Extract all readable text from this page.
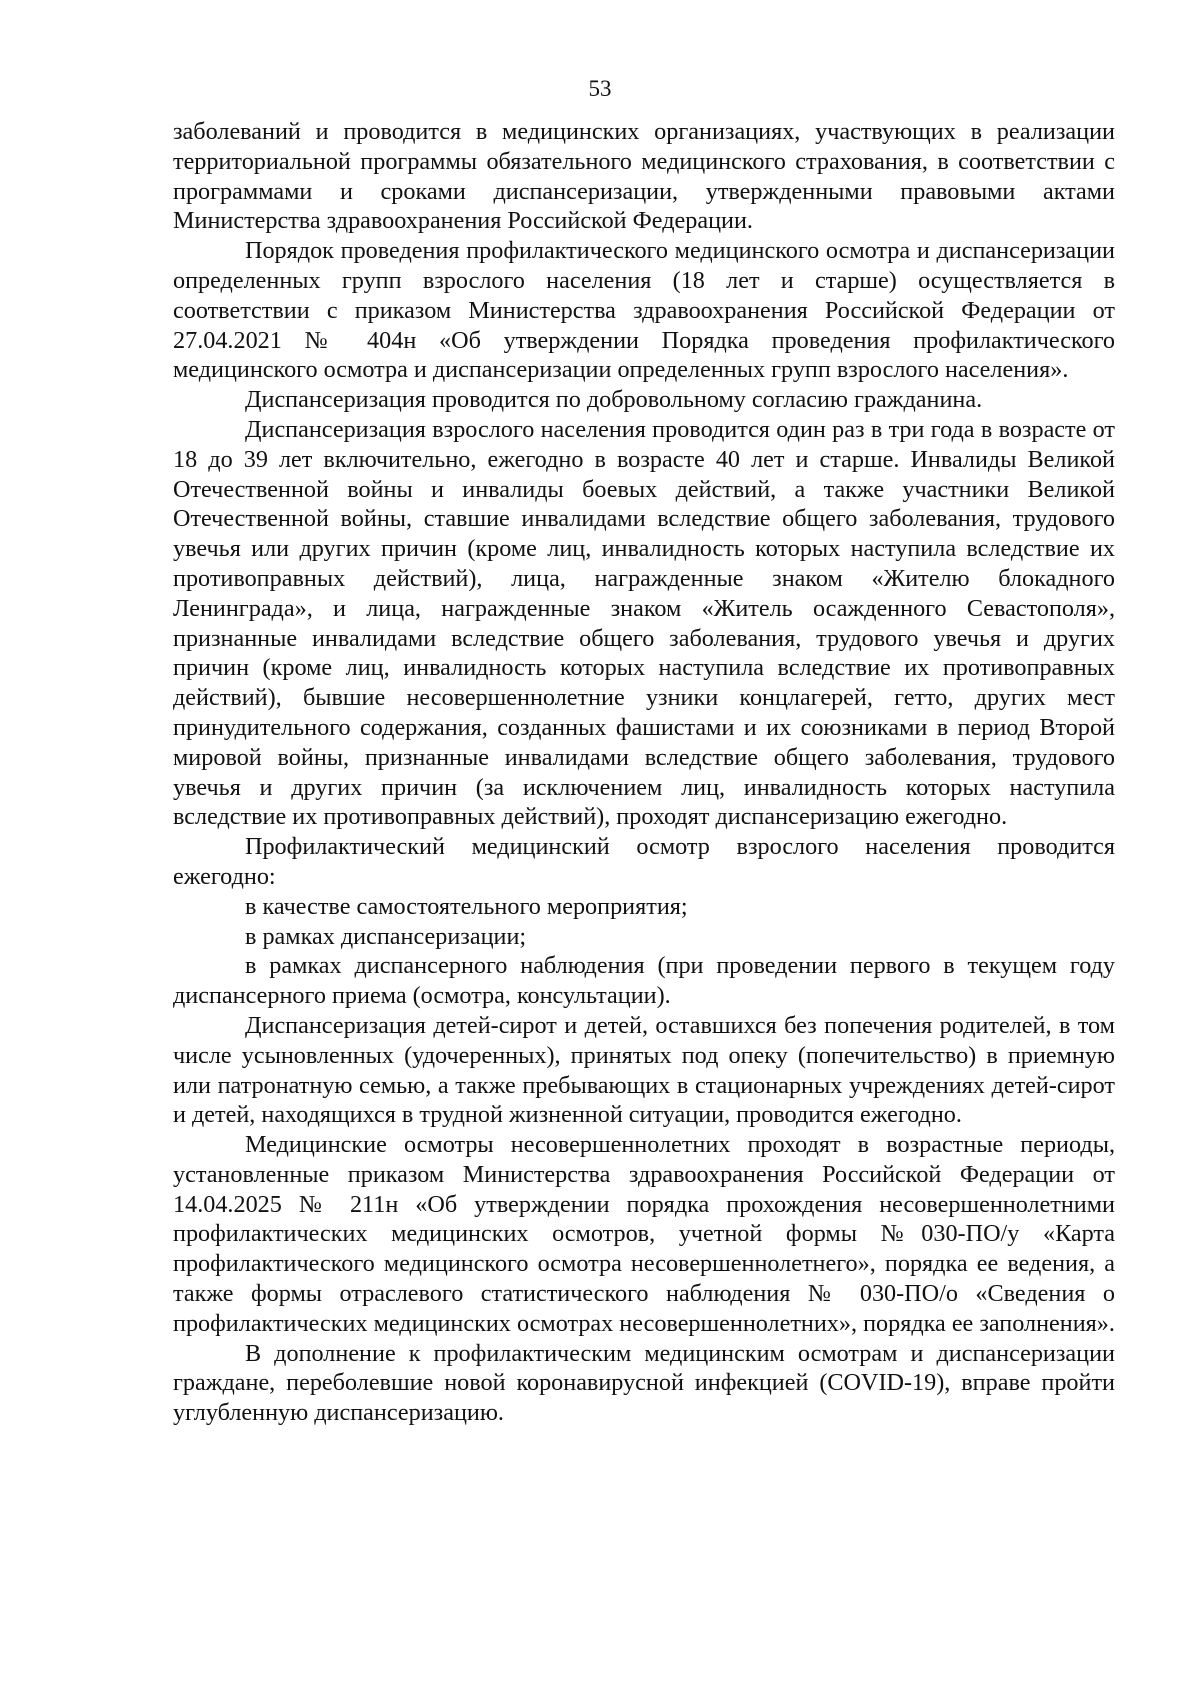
53

заболеваний и проводится в медицинских организациях, участвующих в реализации территориальной программы обязательного медицинского страхования, в соответствии с программами и сроками диспансеризации, утвержденными правовыми актами Министерства здравоохранения Российской Федерации.

Порядок проведения профилактического медицинского осмотра и диспансеризации определенных групп взрослого населения (18 лет и старше) осуществляется в соответствии с приказом Министерства здравоохранения Российской Федерации от 27.04.2021 № 404н «Об утверждении Порядка проведения профилактического медицинского осмотра и диспансеризации определенных групп взрослого населения».

Диспансеризация проводится по добровольному согласию гражданина.

Диспансеризация взрослого населения проводится один раз в три года в возрасте от 18 до 39 лет включительно, ежегодно в возрасте 40 лет и старше. Инвалиды Великой Отечественной войны и инвалиды боевых действий, а также участники Великой Отечественной войны, ставшие инвалидами вследствие общего заболевания, трудового увечья или других причин (кроме лиц, инвалидность которых наступила вследствие их противоправных действий), лица, награжденные знаком «Жителю блокадного Ленинграда», и лица, награжденные знаком «Житель осажденного Севастополя», признанные инвалидами вследствие общего заболевания, трудового увечья и других причин (кроме лиц, инвалидность которых наступила вследствие их противоправных действий), бывшие несовершеннолетние узники концлагерей, гетто, других мест принудительного содержания, созданных фашистами и их союзниками в период Второй мировой войны, признанные инвалидами вследствие общего заболевания, трудового увечья и других причин (за исключением лиц, инвалидность которых наступила вследствие их противоправных действий), проходят диспансеризацию ежегодно.

Профилактический медицинский осмотр взрослого населения проводится ежегодно:

в качестве самостоятельного мероприятия;

в рамках диспансеризации;

в рамках диспансерного наблюдения (при проведении первого в текущем году диспансерного приема (осмотра, консультации).

Диспансеризация детей-сирот и детей, оставшихся без попечения родителей, в том числе усыновленных (удочеренных), принятых под опеку (попечительство) в приемную или патронатную семью, а также пребывающих в стационарных учреждениях детей-сирот и детей, находящихся в трудной жизненной ситуации, проводится ежегодно.

Медицинские осмотры несовершеннолетних проходят в возрастные периоды, установленные приказом Министерства здравоохранения Российской Федерации от 14.04.2025 № 211н «Об утверждении порядка прохождения несовершеннолетними профилактических медицинских осмотров, учетной формы №030-ПО/у «Карта профилактического медицинского осмотра несовершеннолетнего», порядка ее ведения, а также формы отраслевого статистического наблюдения № 030-ПО/о «Сведения о профилактических медицинских осмотрах несовершеннолетних», порядка ее заполнения».

В дополнение к профилактическим медицинским осмотрам и диспансеризации граждане, переболевшие новой коронавирусной инфекцией (COVID-19), вправе пройти углубленную диспансеризацию.
